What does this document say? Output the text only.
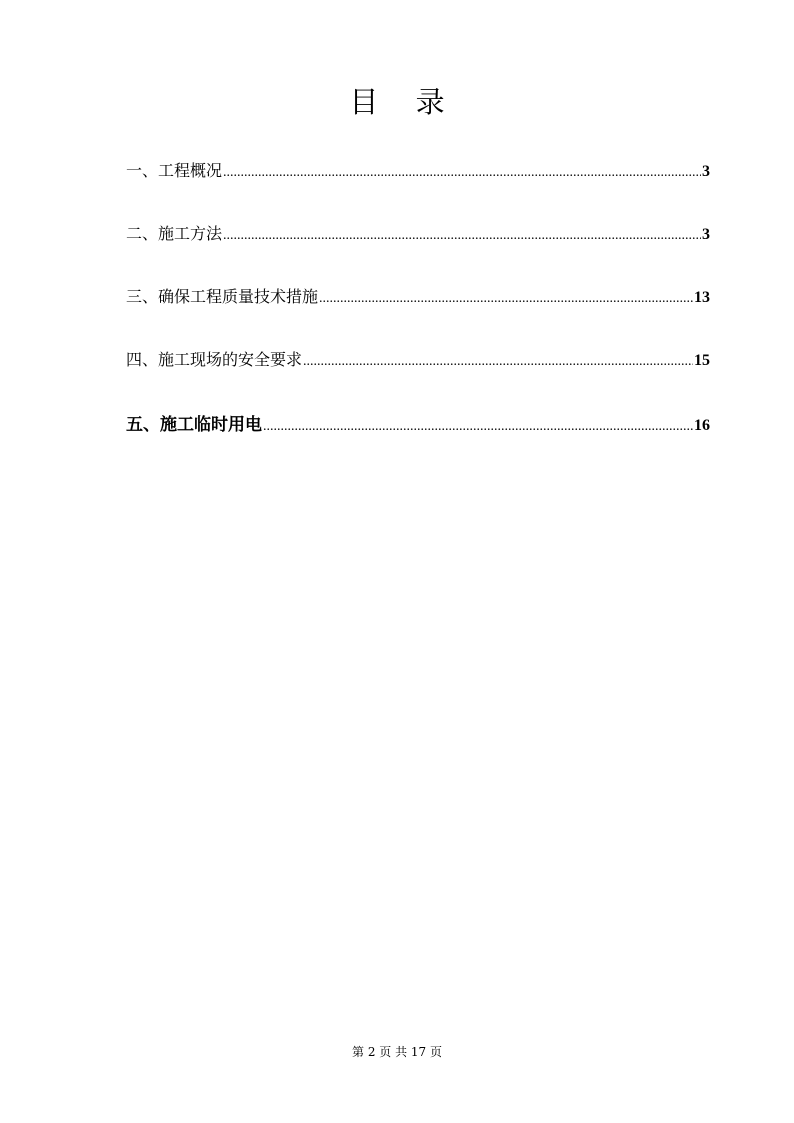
目 录
一、工程概况 .....	3
二、施工方法 .....	3
三、确保工程质量技术措施 .....	13
四、施工现场的安全要求 .....	15
五、施工临时用电 .....	16
第 2 页 共 17 页
